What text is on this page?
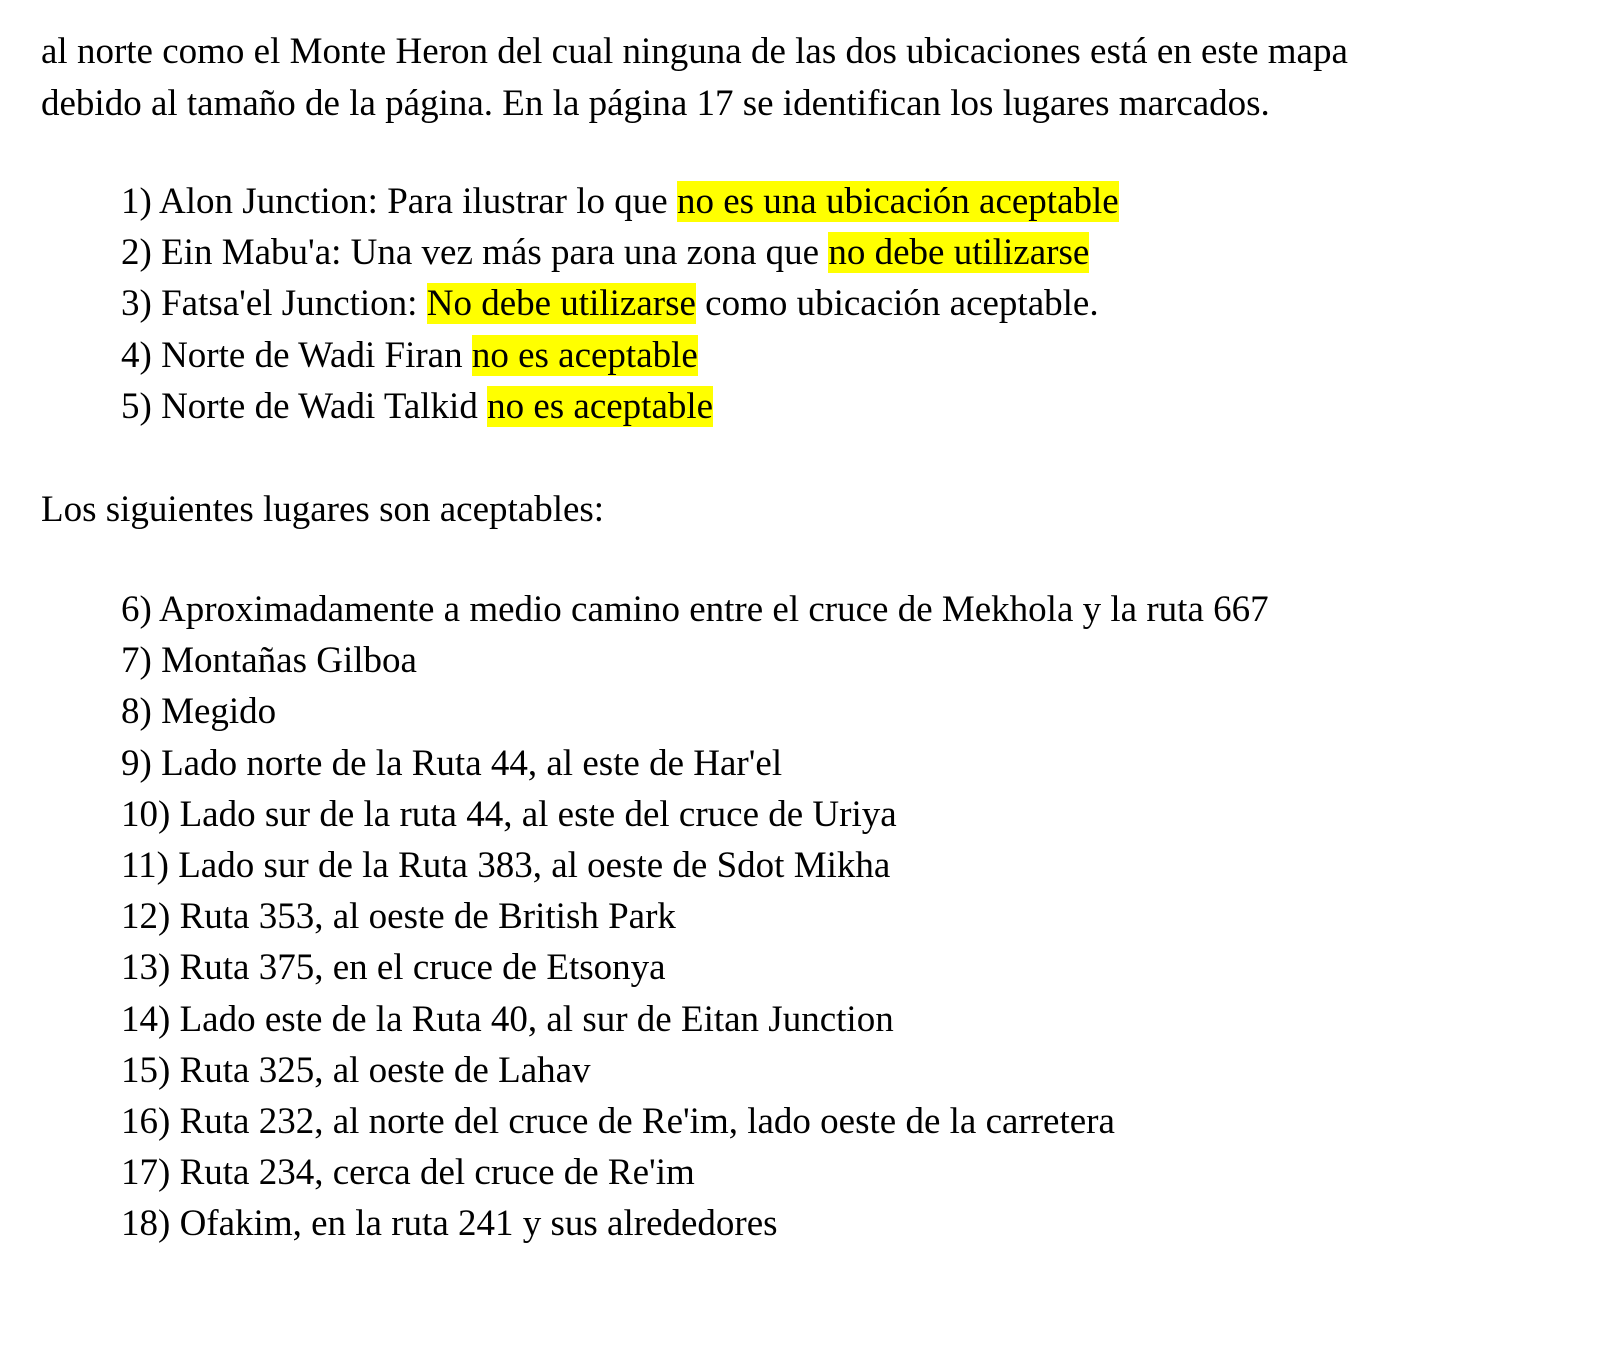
al norte como el Monte Heron del cual ninguna de las dos ubicaciones está en este mapa
debido al tamaño de la página. En la página 17 se identifican los lugares marcados.

1) Alon Junction: Para ilustrar lo que no es una ubicación aceptable
2) Ein Mabu'a: Una vez más para una zona que no debe utilizarse
3) Fatsa'el Junction: No debe utilizarse como ubicación aceptable.
4) Norte de Wadi Firan no es aceptable
5) Norte de Wadi Talkid no es aceptable

Los siguientes lugares son aceptables:

6) Aproximadamente a medio camino entre el cruce de Mekhola y la ruta 667
7) Montañas Gilboa
8) Megido
9) Lado norte de la Ruta 44, al este de Har'el
10) Lado sur de la ruta 44, al este del cruce de Uriya
11) Lado sur de la Ruta 383, al oeste de Sdot Mikha
12) Ruta 353, al oeste de British Park
13) Ruta 375, en el cruce de Etsonya
14) Lado este de la Ruta 40, al sur de Eitan Junction
15) Ruta 325, al oeste de Lahav
16) Ruta 232, al norte del cruce de Re'im, lado oeste de la carretera
17) Ruta 234, cerca del cruce de Re'im
18) Ofakim, en la ruta 241 y sus alrededores
